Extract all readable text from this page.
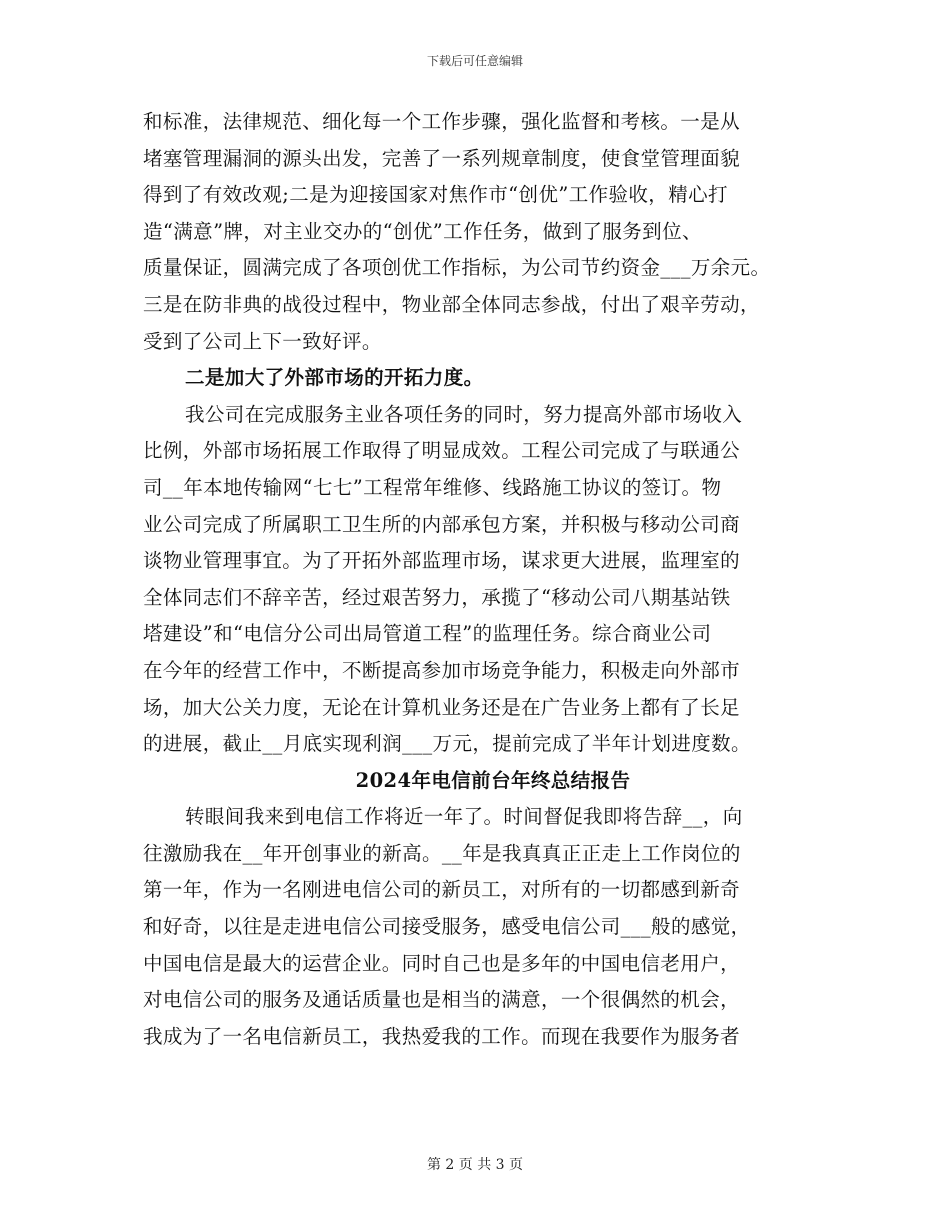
下载后可任意编辑
和标准，法律规范、细化每一个工作步骤，强化监督和考核。一是从
堵塞管理漏洞的源头出发，完善了一系列规章制度，使食堂管理面貌
得到了有效改观;二是为迎接国家对焦作市“创优”工作验收，精心打
造“满意”牌，对主业交办的“创优”工作任务，做到了服务到位、
质量保证，圆满完成了各项创优工作指标，为公司节约资金___万余元。
三是在防非典的战役过程中，物业部全体同志参战，付出了艰辛劳动，
受到了公司上下一致好评。
二是加大了外部市场的开拓力度。
我公司在完成服务主业各项任务的同时，努力提高外部市场收入
比例，外部市场拓展工作取得了明显成效。工程公司完成了与联通公
司__年本地传输网“七七”工程常年维修、线路施工协议的签订。物
业公司完成了所属职工卫生所的内部承包方案，并积极与移动公司商
谈物业管理事宜。为了开拓外部监理市场，谋求更大进展，监理室的
全体同志们不辞辛苦，经过艰苦努力，承揽了“移动公司八期基站铁
塔建设”和“电信分公司出局管道工程”的监理任务。综合商业公司
在今年的经营工作中，不断提高参加市场竞争能力，积极走向外部市
场，加大公关力度，无论在计算机业务还是在广告业务上都有了长足
的进展，截止__月底实现利润___万元，提前完成了半年计划进度数。
2024年电信前台年终总结报告
转眼间我来到电信工作将近一年了。时间督促我即将告辞__，向
往激励我在__年开创事业的新高。__年是我真真正正走上工作岗位的
第一年，作为一名刚进电信公司的新员工，对所有的一切都感到新奇
和好奇，以往是走进电信公司接受服务，感受电信公司___般的感觉，
中国电信是最大的运营企业。同时自己也是多年的中国电信老用户，
对电信公司的服务及通话质量也是相当的满意，一个很偶然的机会，
我成为了一名电信新员工，我热爱我的工作。而现在我要作为服务者
第 2 页 共 3 页
